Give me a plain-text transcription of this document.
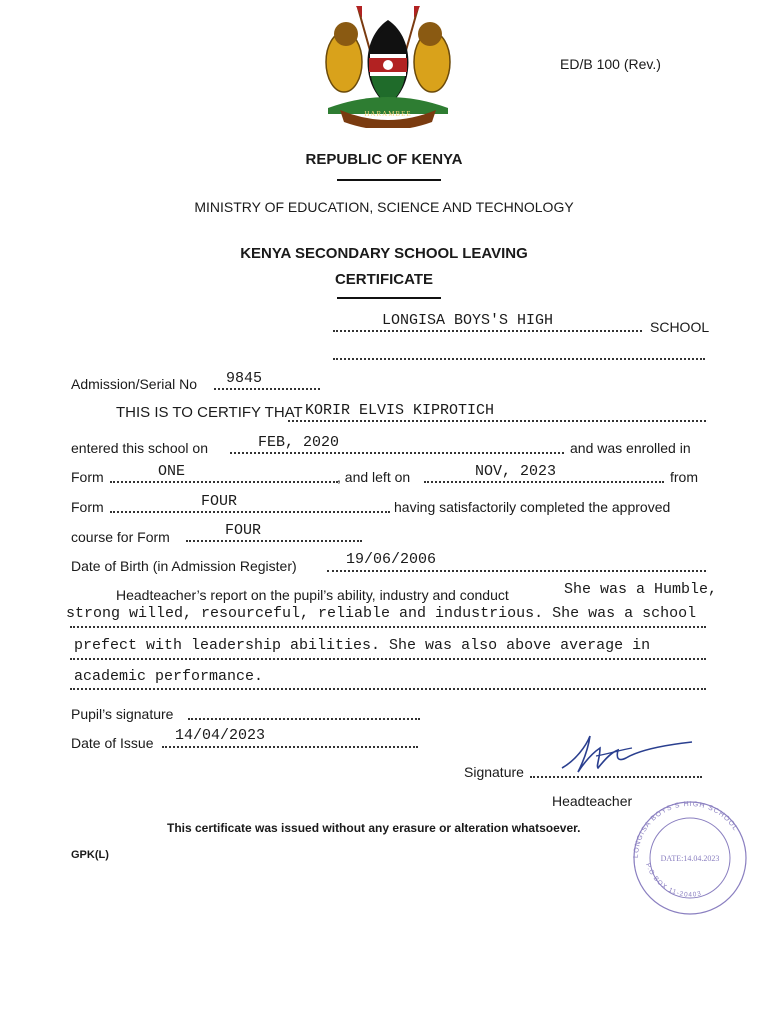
HARAMBEE
ED/B 100 (Rev.)
REPUBLIC OF KENYA
MINISTRY OF EDUCATION, SCIENCE AND TECHNOLOGY
KENYA SECONDARY SCHOOL LEAVING
CERTIFICATE
LONGISA BOYS'S HIGH	SCHOOL
Admission/Serial No 9845
THIS IS TO CERTIFY THAT KORIR ELVIS KIPROTICH
entered this school on	FEB, 2020	and was enrolled in
Form	ONE	, and left on	NOV, 2023	from
Form	FOUR	having satisfactorily completed the approved
course for Form	FOUR
Date of Birth (in Admission Register)	19/06/2006
Headteacher’s report on the pupil’s ability, industry and conduct	She was a Humble,
strong willed, resourceful, reliable and industrious. She was a school
prefect with leadership abilities. She was also above average in
academic performance.
Pupil’s signature
Date of Issue 14/04/2023
Signature
Headteacher
This certificate was issued without any erasure or alteration whatsoever.
GPK(L)	LONGISA BOYS'S HIGH SCHOOL
P.O BOX 11-20403
DATE:14.04.2023
